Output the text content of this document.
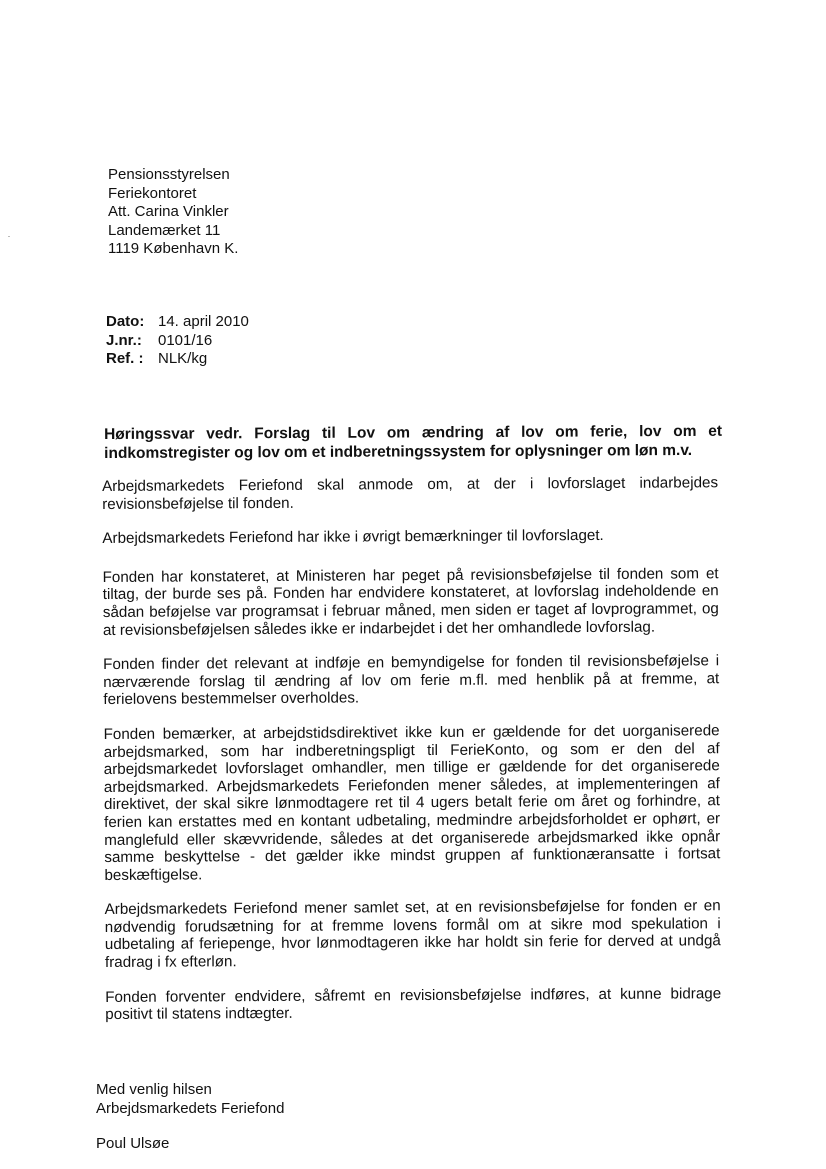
Pensionsstyrelsen
Feriekontoret
Att. Carina Vinkler
Landemærket 11
1119 København K.
Dato: 14. april 2010
J.nr.: 0101/16
Ref. : NLK/kg
Høringssvar vedr. Forslag til Lov om ændring af lov om ferie, lov om et indkomstregister og lov om et indberetningssystem for oplysninger om løn m.v.

Arbejdsmarkedets Feriefond skal anmode om, at der i lovforslaget indarbejdes revisionsbeføjelse til fonden.

Arbejdsmarkedets Feriefond har ikke i øvrigt bemærkninger til lovforslaget.

Fonden har konstateret, at Ministeren har peget på revisionsbeføjelse til fonden som et tiltag, der burde ses på. Fonden har endvidere konstateret, at lovforslag indeholdende en sådan beføjelse var programsat i februar måned, men siden er taget af lovprogrammet, og at revisionsbeføjelsen således ikke er indarbejdet i det her omhandlede lovforslag.

Fonden finder det relevant at indføje en bemyndigelse for fonden til revisionsbeføjelse i nærværende forslag til ændring af lov om ferie m.fl. med henblik på at fremme, at ferielovens bestemmelser overholdes.

Fonden bemærker, at arbejdstidsdirektivet ikke kun er gældende for det uorganiserede arbejdsmarked, som har indberetningspligt til FerieKonto, og som er den del af arbejdsmarkedet lovforslaget omhandler, men tillige er gældende for det organiserede arbejdsmarked. Arbejdsmarkedets Feriefonden mener således, at implementeringen af direktivet, der skal sikre lønmodtagere ret til 4 ugers betalt ferie om året og forhindre, at ferien kan erstattes med en kontant udbetaling, medmindre arbejdsforholdet er ophørt, er manglefuld eller skævvridende, således at det organiserede arbejdsmarked ikke opnår samme beskyttelse - det gælder ikke mindst gruppen af funktionæransatte i fortsat beskæftigelse.

Arbejdsmarkedets Feriefond mener samlet set, at en revisionsbeføjelse for fonden er en nødvendig forudsætning for at fremme lovens formål om at sikre mod spekulation i udbetaling af feriepenge, hvor lønmodtageren ikke har holdt sin ferie for derved at undgå fradrag i fx efterløn.

Fonden forventer endvidere, såfremt en revisionsbeføjelse indføres, at kunne bidrage positivt til statens indtægter.

Med venlig hilsen
Arbejdsmarkedets Feriefond
Poul Ulsøe
